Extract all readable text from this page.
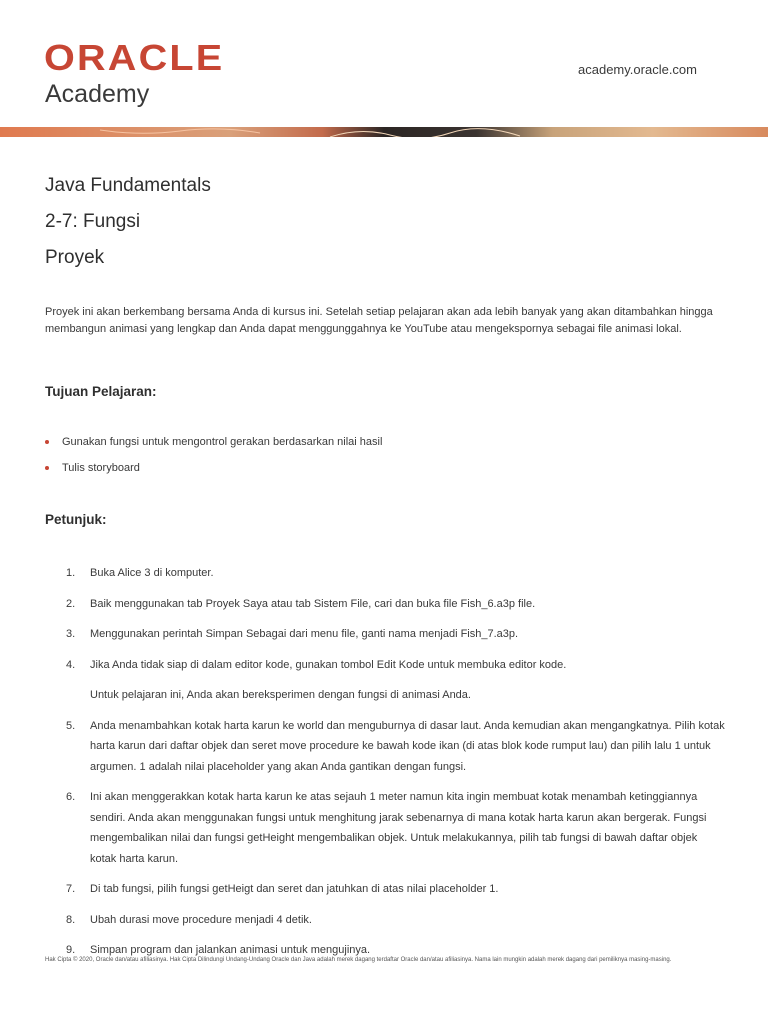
ORACLE
Academy
academy.oracle.com
Java Fundamentals
2-7: Fungsi
Proyek

Proyek ini akan berkembang bersama Anda di kursus ini. Setelah setiap pelajaran akan ada lebih banyak yang akan ditambahkan hingga membangun animasi yang lengkap dan Anda dapat menggunggahnya ke YouTube atau mengekspornya sebagai file animasi lokal.

Tujuan Pelajaran:
Gunakan fungsi untuk mengontrol gerakan berdasarkan nilai hasil
Tulis storyboard
Petunjuk:
1. Buka Alice 3 di komputer.
2. Baik menggunakan tab Proyek Saya atau tab Sistem File, cari dan buka file Fish_6.a3p file.
3. Menggunakan perintah Simpan Sebagai dari menu file, ganti nama menjadi Fish_7.a3p.
4. Jika Anda tidak siap di dalam editor kode, gunakan tombol Edit Kode untuk membuka editor kode.
Untuk pelajaran ini, Anda akan bereksperimen dengan fungsi di animasi Anda.
5. Anda menambahkan kotak harta karun ke world dan menguburnya di dasar laut. Anda kemudian akan mengangkatnya. Pilih kotak harta karun dari daftar objek dan seret move procedure ke bawah kode ikan (di atas blok kode rumput lau) dan pilih lalu 1 untuk argumen. 1 adalah nilai placeholder yang akan Anda gantikan dengan fungsi.
6. Ini akan menggerakkan kotak harta karun ke atas sejauh 1 meter namun kita ingin membuat kotak menambah ketinggiannya sendiri. Anda akan menggunakan fungsi untuk menghitung jarak sebenarnya di mana kotak harta karun akan bergerak. Fungsi mengembalikan nilai dan fungsi getHeight mengembalikan objek. Untuk melakukannya, pilih tab fungsi di bawah daftar objek kotak harta karun.
7. Di tab fungsi, pilih fungsi getHeigt dan seret dan jatuhkan di atas nilai placeholder 1.
8. Ubah durasi move procedure menjadi 4 detik.
9. Simpan program dan jalankan animasi untuk mengujinya.
Hak Cipta © 2020, Oracle dan/atau afiliasinya. Hak Cipta Dilindungi Undang-Undang Oracle dan Java adalah merek dagang terdaftar Oracle dan/atau afiliasinya. Nama lain mungkin adalah merek dagang dari pemiliknya masing-masing.
